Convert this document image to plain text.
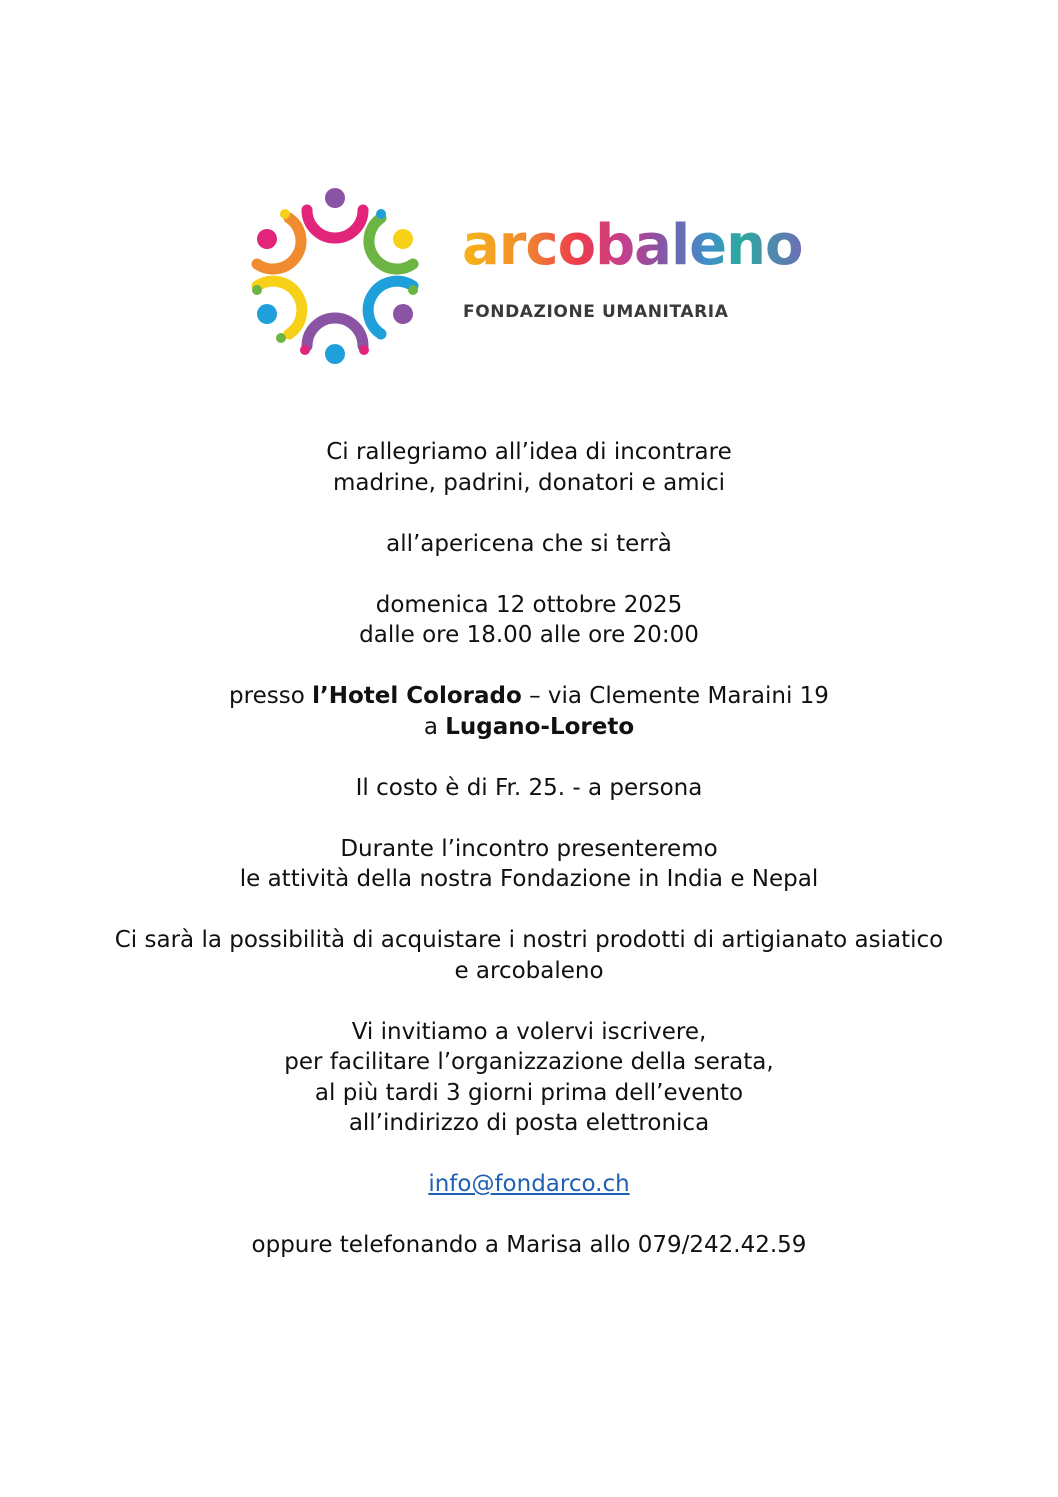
arcobaleno
FONDAZIONE UMANITARIA

Ci rallegriamo all’idea di incontrare
madrine, padrini, donatori e amici

all’apericena che si terrà

domenica 12 ottobre 2025
dalle ore 18.00 alle ore 20:00

presso l’Hotel Colorado – via Clemente Maraini 19
a Lugano-Loreto

Il costo è di Fr. 25. - a persona

Durante l’incontro presenteremo
le attività della nostra Fondazione in India e Nepal

Ci sarà la possibilità di acquistare i nostri prodotti di artigianato asiatico
e arcobaleno

Vi invitiamo a volervi iscrivere,
per facilitare l’organizzazione della serata,
al più tardi 3 giorni prima dell’evento
all’indirizzo di posta elettronica

info@fondarco.ch

oppure telefonando a Marisa allo 079/242.42.59
